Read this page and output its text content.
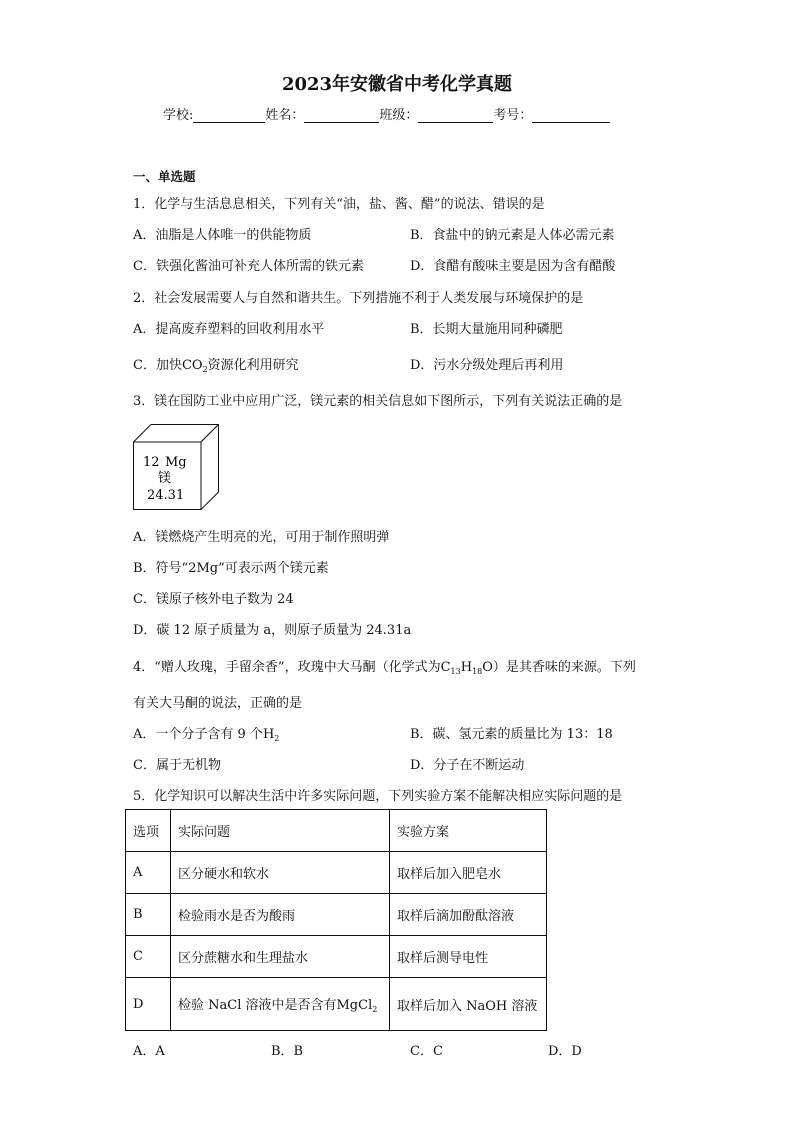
2023年安徽省中考化学真题
学校:	姓名：	班级：	考号：
一、单选题
1．化学与生活息息相关，下列有关“油，盐、酱、醋”的说法、错误的是
A．油脂是人体唯一的供能物质	B．食盐中的钠元素是人体必需元素
C．铁强化酱油可补充人体所需的铁元素	D．食醋有酸味主要是因为含有醋酸
2．社会发展需要人与自然和谐共生。下列措施不利于人类发展与环境保护的是
A．提高废弃塑料的回收利用水平	B．长期大量施用同种磷肥
C．加快$CO_2$资源化利用研究	D．污水分级处理后再利用
3．镁在国防工业中应用广泛，镁元素的相关信息如下图所示，下列有关说法正确的是
12 Mg
镁
24.31
A．镁燃烧产生明亮的光，可用于制作照明弹
B．符号“2Mg”可表示两个镁元素
C．镁原子核外电子数为 24
D．碳 12 原子质量为 a，则原子质量为 24.31a
4．“赠人玫瑰，手留余香”，玫瑰中大马酮（化学式为$C_{13}H_{18}O$）是其香味的来源。下列
有关大马酮的说法，正确的是
A．一个分子含有 9 个$H_2$	B．碳、氢元素的质量比为 13：18
C．属于无机物	D．分子在不断运动
5．化学知识可以解决生活中许多实际问题，下列实验方案不能解决相应实际问题的是
选项	实际问题	实验方案
A	区分硬水和软水	取样后加入肥皂水
B	检验雨水是否为酸雨	取样后滴加酚酞溶液
C	区分蔗糖水和生理盐水	取样后测导电性
D	检验 NaCl 溶液中是否含有MgCl$_2$	取样后加入 NaOH 溶液
A．A	B．B	C．C	D．D
